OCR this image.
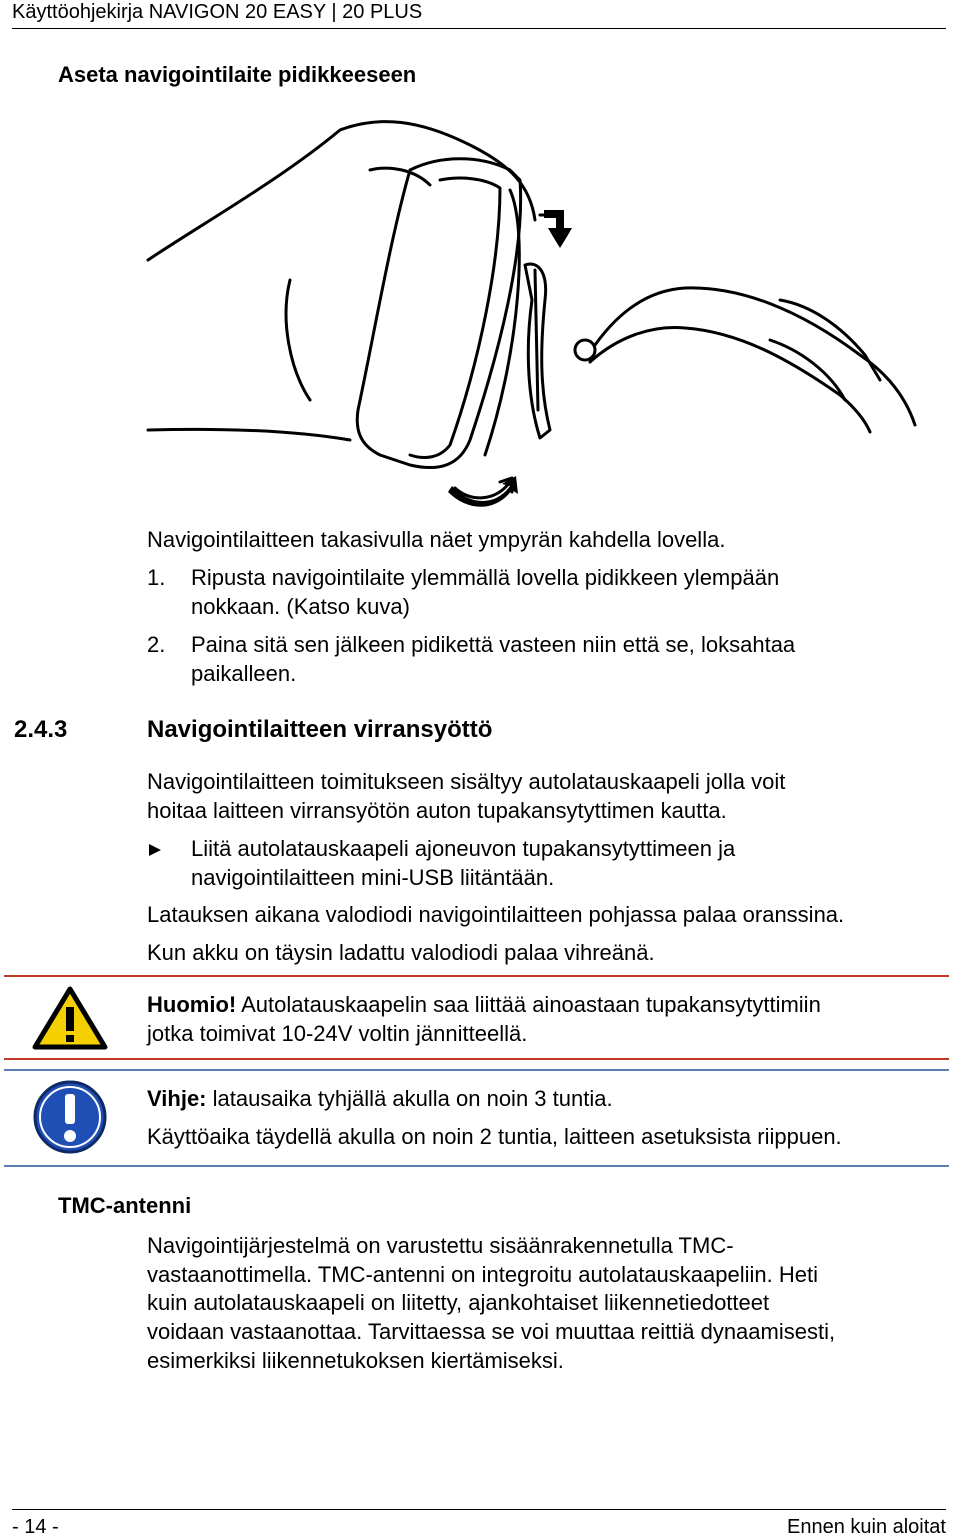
Käyttöohjekirja NAVIGON 20 EASY | 20 PLUS
Aseta navigointilaite pidikkeeseen
Navigointilaitteen takasivulla näet ympyrän kahdella lovella.
1.	Ripusta navigointilaite ylemmällä lovella pidikkeen ylempään
nokkaan. (Katso kuva)
2.	Paina sitä sen jälkeen pidikettä vasteen niin että se, loksahtaa
paikalleen.
2.4.3	Navigointilaitteen virransyöttö
Navigointilaitteen toimitukseen sisältyy autolatauskaapeli jolla voit
hoitaa laitteen virransyötön auton tupakansytyttimen kautta.
Liitä autolatauskaapeli ajoneuvon tupakansytyttimeen ja
navigointilaitteen mini-USB liitäntään.
Latauksen aikana valodiodi navigointilaitteen pohjassa palaa oranssina.
Kun akku on täysin ladattu valodiodi palaa vihreänä.
Huomio! Autolatauskaapelin saa liittää ainoastaan tupakansytyttimiin
jotka toimivat 10-24V voltin jännitteellä.
Vihje: latausaika tyhjällä akulla on noin 3 tuntia.
Käyttöaika täydellä akulla on noin 2 tuntia, laitteen asetuksista riippuen.
TMC-antenni
Navigointijärjestelmä on varustettu sisäänrakennetulla TMC-
vastaanottimella. TMC-antenni on integroitu autolatauskaapeliin. Heti
kuin autolatauskaapeli on liitetty, ajankohtaiset liikennetiedotteet
voidaan vastaanottaa. Tarvittaessa se voi muuttaa reittiä dynaamisesti,
esimerkiksi liikennetukoksen kiertämiseksi.
- 14 -	Ennen kuin aloitat
